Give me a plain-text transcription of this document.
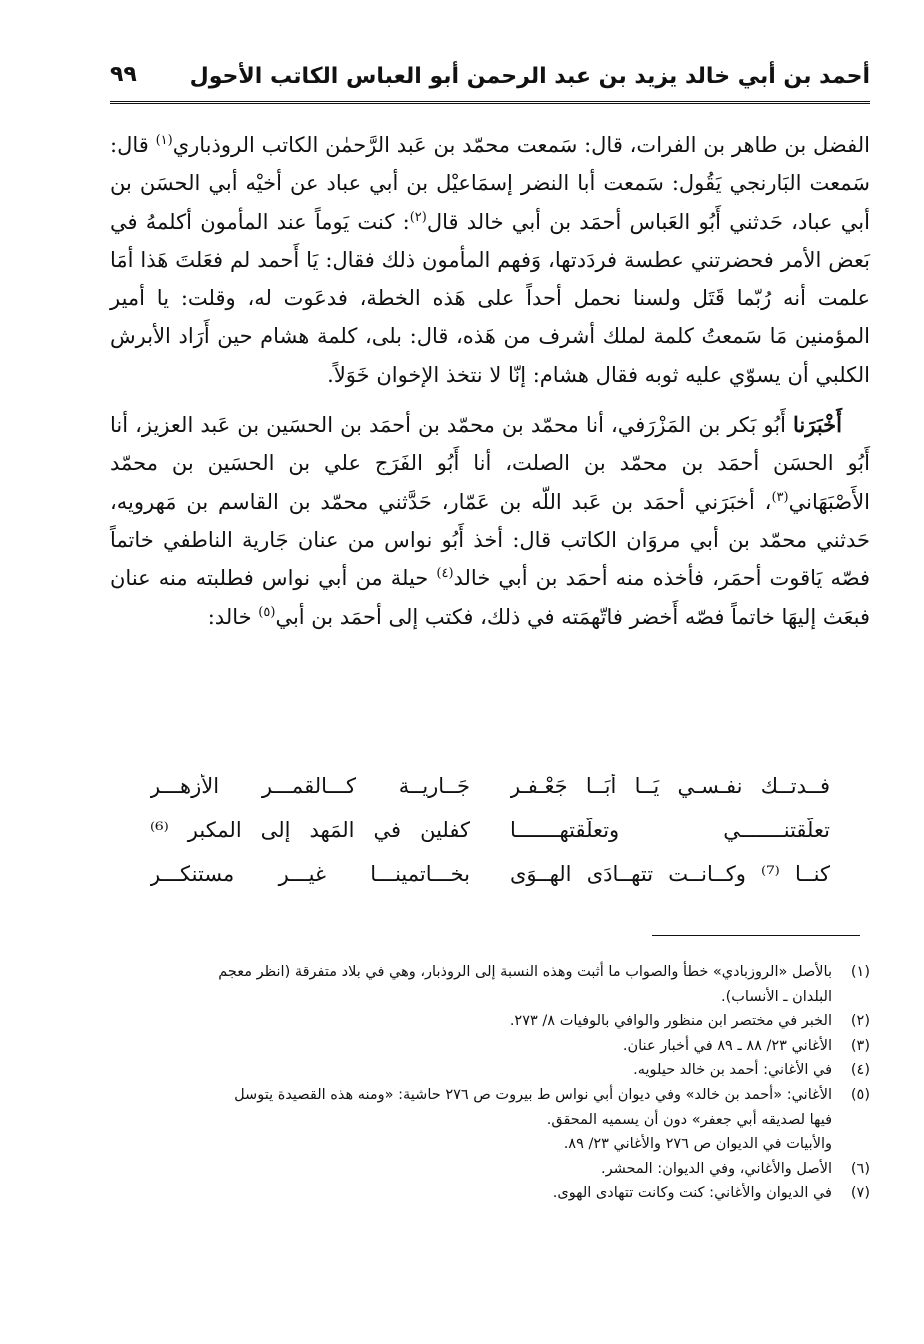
أحمد بن أبي خالد يزيد بن عبد الرحمن أبو العباس الكاتب الأحول
٩٩

الفضل بن طاهر بن الفرات، قال: سَمعت محمّد بن عَبد الرَّحمٰن الكاتب الروذباري$^{(١)}$ قال: سَمعت البَارنجي يَقُول: سَمعت أبا النضر إسمَاعيْل بن أبي عباد عن أخيْه أبي الحسَن بن أبي عباد، حَدثني أَبُو العَباس أحمَد بن أبي خالد قال$^{(٢)}$: كنت يَوماً عند المأمون أكلمهُ في بَعض الأمر فحضرتني عطسة فردَدتها، وَفهم المأمون ذلك فقال: يَا أَحمد لم فعَلتَ هَذا أمَا علمت أنه رُبّما قَتَل ولسنا نحمل أحداً على هَذه الخطة، فدعَوت له، وقلت: يا أمير المؤمنين مَا سَمعتُ كلمة لملك أشرف من هَذه، قال: بلى، كلمة هشام حين أَرَاد الأبرش الكلبي أن يسوّي عليه ثوبه فقال هشام: إنّا لا نتخذ الإخوان خَوَلاً.

أَخْبَرَنا أَبُو بَكر بن المَزْرَفي، أنا محمّد بن محمّد بن أحمَد بن الحسَين بن عَبد العزيز، أنا أَبُو الحسَن أحمَد بن محمّد بن الصلت، أنا أَبُو الفَرَج علي بن الحسَين بن محمّد الأَصْبَهَاني$^{(٣)}$، أخبَرَني أحمَد بن عَبد اللّه بن عَمّار، حَدَّثني محمّد بن القاسم بن مَهرويه، حَدثني محمّد بن أبي مروَان الكاتب قال: أخذ أَبُو نواس من عنان جَارية الناطفي خاتماً فصّه يَاقوت أحمَر، فأخذه منه أحمَد بن أبي خالد$^{(٤)}$ حيلة من أبي نواس فطلبته منه عنان فبعَث إليهَا خاتماً فصّه أَخضر فاتّهمَته في ذلك، فكتب إلى أحمَد بن أبي$^{(٥)}$ خالد:

فــدتــك نفـسـي يَــا أَبَــا جَعْـفـر
جَــاريــة كـــالقمـــر الأزهـــر
تعلّقتنـــــــي وتعلّقتهـــــــا
كفلين في المَهد إلى المكبر ⁽⁶⁾
كنــا ⁽⁷⁾ وكــانــت تتهــادَى الهــوَى
بخـــاتمينـــا غيـــر مستنكـــر
(١)
بالأصل «الروزبادي» خطأ والصواب ما أثبت وهذه النسبة إلى الروذبار، وهي في بلاد متفرقة (انظر معجم
البلدان ـ الأنساب).
(٢)
الخبر في مختصر ابن منظور والوافي بالوفيات ٨/ ٢٧٣.
(٣)
الأغاني ٢٣/ ٨٨ ـ ٨٩ في أخبار عنان.
(٤)
في الأغاني: أحمد بن خالد حيلويه.
(٥)
الأغاني: «أحمد بن خالد» وفي ديوان أبي نواس ط بيروت ص ٢٧٦ حاشية: «ومنه هذه القصيدة يتوسل
فيها لصديقه أبي جعفر» دون أن يسميه المحقق.
والأبيات في الديوان ص ٢٧٦ والأغاني ٢٣/ ٨٩.
(٦)
الأصل والأغاني، وفي الديوان: المحشر.
(٧)
في الديوان والأغاني: كنت وكانت تتهادى الهوى.
